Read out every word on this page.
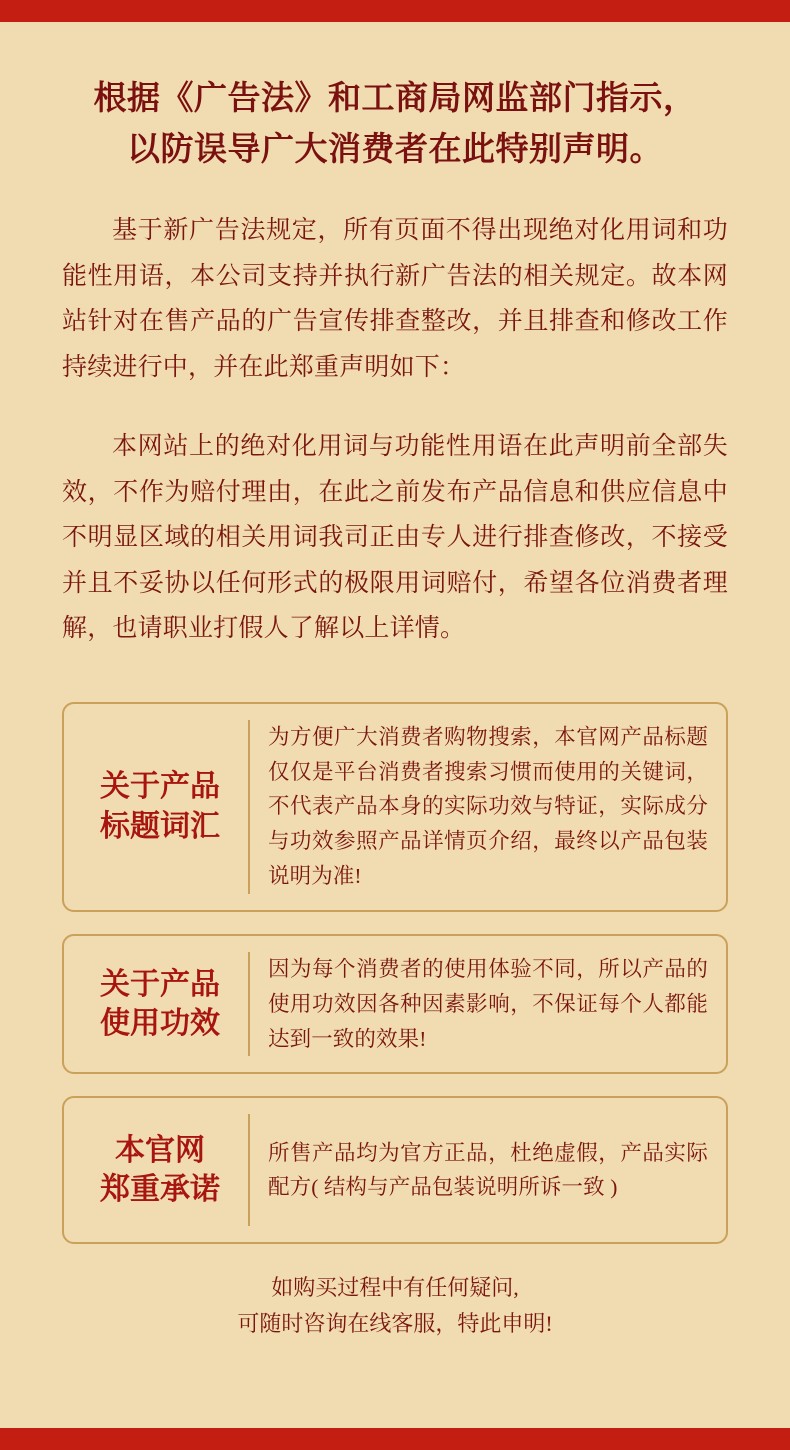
根据《广告法》和工商局网监部门指示，
以防误导广大消费者在此特别声明。

基于新广告法规定，所有页面不得出现绝对化用词和功能性用语，本公司支持并执行新广告法的相关规定。故本网站针对在售产品的广告宣传排查整改，并且排查和修改工作持续进行中，并在此郑重声明如下：

本网站上的绝对化用词与功能性用语在此声明前全部失效，不作为赔付理由，在此之前发布产品信息和供应信息中不明显区域的相关用词我司正由专人进行排查修改，不接受并且不妥协以任何形式的极限用词赔付，希望各位消费者理解，也请职业打假人了解以上详情。

关于产品
标题词汇
为方便广大消费者购物搜索，本官网产品标题仅仅是平台消费者搜索习惯而使用的关键词，不代表产品本身的实际功效与特证，实际成分与功效参照产品详情页介绍，最终以产品包装说明为准!
关于产品
使用功效
因为每个消费者的使用体验不同，所以产品的使用功效因各种因素影响，不保证每个人都能达到一致的效果!
本官网
郑重承诺
所售产品均为官方正品，杜绝虚假，产品实际配方( 结构与产品包装说明所诉一致 )
如购买过程中有任何疑问,
可随时咨询在线客服，特此申明!
